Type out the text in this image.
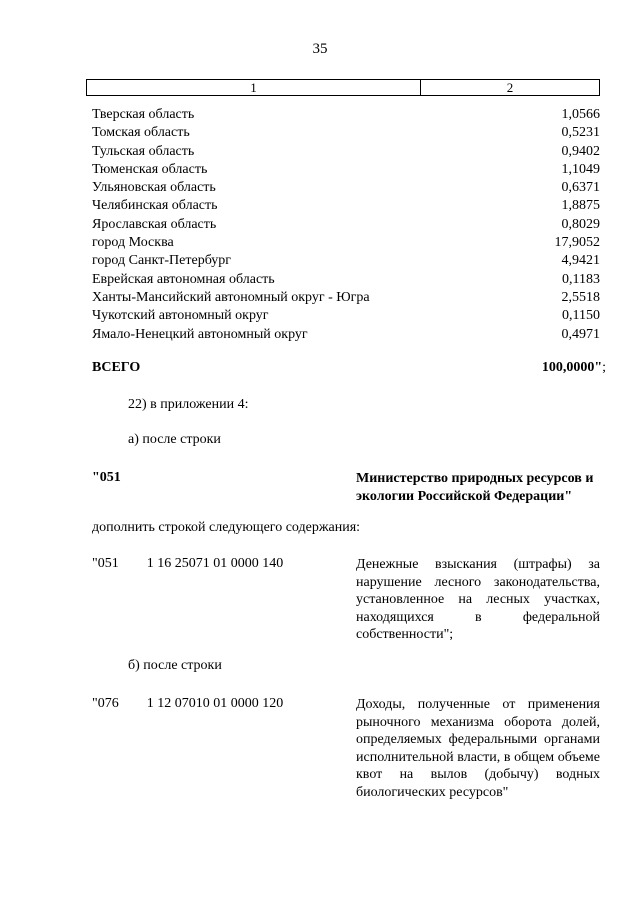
35
1	2
Тверская область	1,0566
Томская область	0,5231
Тульская область	0,9402
Тюменская область	1,1049
Ульяновская область	0,6371
Челябинская область	1,8875
Ярославская область	0,8029
город Москва	17,9052
город Санкт-Петербург	4,9421
Еврейская автономная область	0,1183
Ханты-Мансийский автономный округ - Югра	2,5518
Чукотский автономный округ	0,1150
Ямало-Ненецкий автономный округ	0,4971
ВСЕГО	100,0000";
22) в приложении 4:
а) после строки
"051	Министерство природных ресурсов и экологии Российской Федерации"
дополнить строкой следующего содержания:
"051 1 16 25071 01 0000 140	Денежные взыскания (штрафы) за нарушение лесного законодательства, установленное на лесных участках, находящихся в федеральной собственности";
б) после строки
"076 1 12 07010 01 0000 120	Доходы, полученные от применения рыночного механизма оборота долей, определяемых федеральными органами исполнительной власти, в общем объеме квот на вылов (добычу) водных биологических ресурсов"
